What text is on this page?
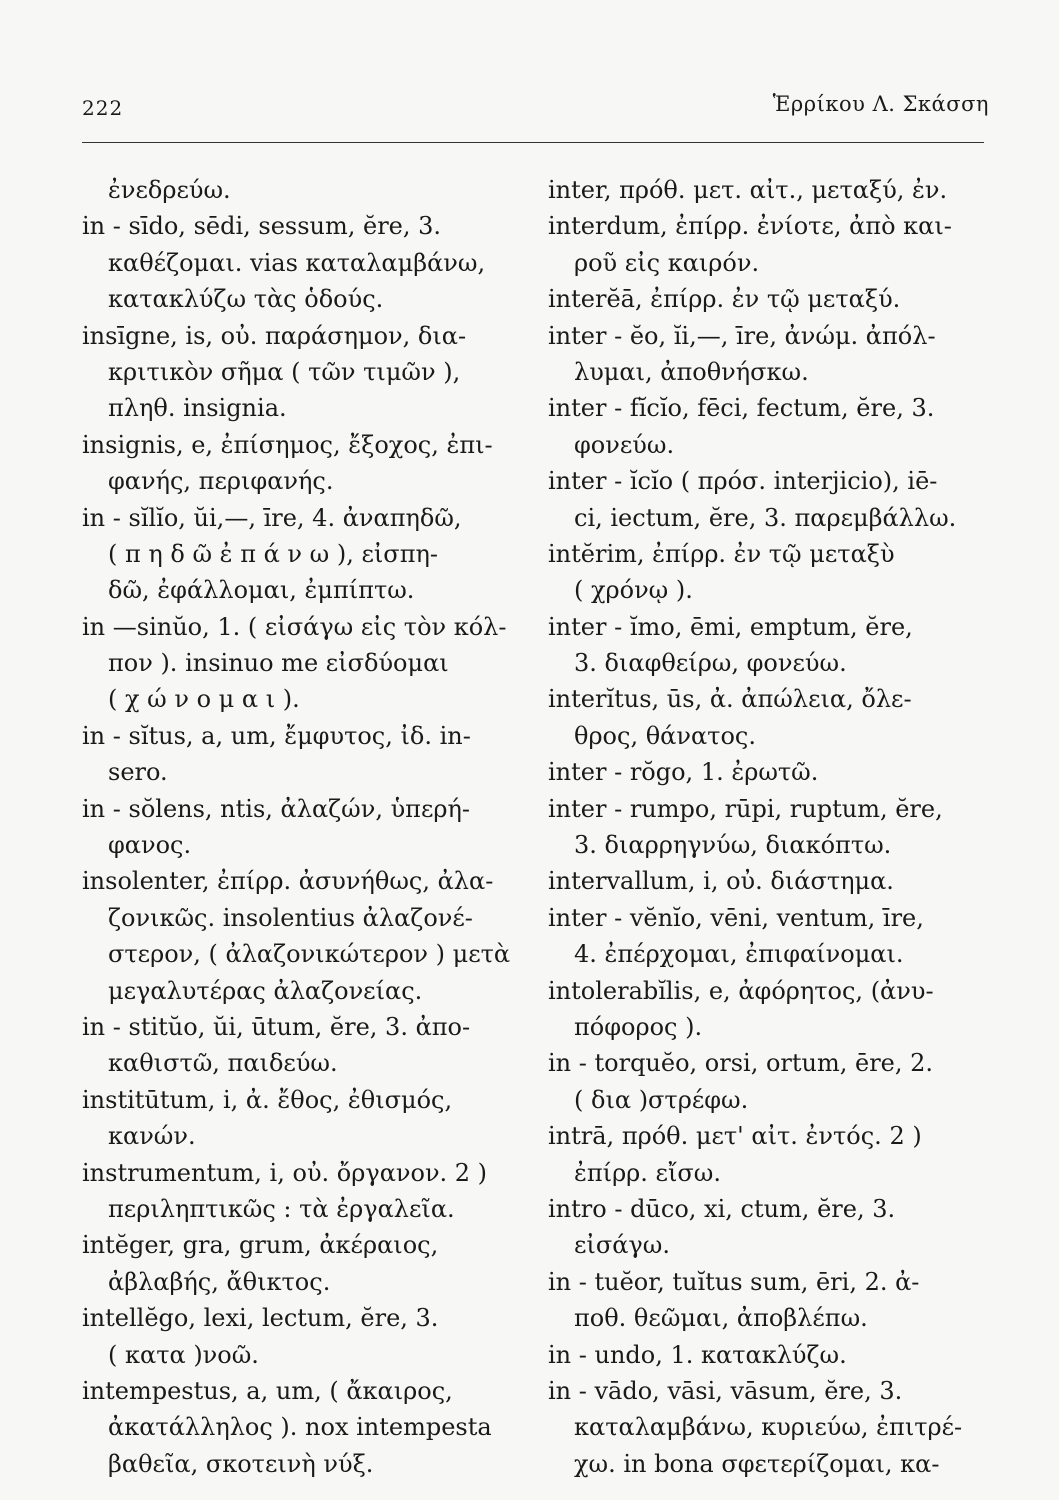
222	Ἑρρίκου Λ. Σκάσση
ἐνεδρεύω.
in - sīdo, sēdi, sessum, ĕre, 3.
καθέζομαι. vias καταλαμβάνω,
κατακλύζω τὰς ὁδούς.
insīgne, is, οὐ. παράσημον, δια-
κριτικὸν σῆμα ( τῶν τιμῶν ),
πληθ. insignia.
insignis, e, ἐπίσημος, ἔξοχος, ἐπι-
φανής, περιφανής.
in - sĭlĭo, ŭi,—, īre, 4. ἀναπηδῶ,
( π η δ ῶ ἐ π ά ν ω ), εἰσπη-
δῶ, ἐφάλλομαι, ἐμπίπτω.
in —sinŭo, 1. ( εἰσάγω εἰς τὸν κόλ-
πον ). insinuo me εἰσδύομαι
( χ ώ ν ο μ α ι ).
in - sĭtus, a, um, ἔμφυτος, ἰδ. in-
sero.
in - sŏlens, ntis, ἀλαζών, ὑπερή-
φανος.
insolenter, ἐπίρρ. ἀσυνήθως, ἀλα-
ζονικῶς. insolentius ἀλαζονέ-
στερον, ( ἀλαζονικώτερον ) μετὰ
μεγαλυτέρας ἀλαζονείας.
in - stitŭo, ŭi, ūtum, ĕre, 3. ἀπο-
καθιστῶ, παιδεύω.
institūtum, i, ἀ. ἔθος, ἐθισμός,
κανών.
instrumentum, i, οὐ. ὄργανον. 2 )
περιληπτικῶς : τὰ ἐργαλεῖα.
intĕger, gra, grum, ἀκέραιος,
ἀβλαβής, ἄθικτος.
intellĕgo, lexi, lectum, ĕre, 3.
( κατα )νοῶ.
intempestus, a, um, ( ἄκαιρος,
ἀκατάλληλος ). nox intempesta
βαθεῖα, σκοτεινὴ νύξ.
inter, πρόθ. μετ. αἰτ., μεταξύ, ἐν.
interdum, ἐπίρρ. ἐνίοτε, ἀπὸ και-
ροῦ εἰς καιρόν.
interĕā, ἐπίρρ. ἐν τῷ μεταξύ.
inter - ĕo, ĭi,—, īre, ἀνώμ. ἀπόλ-
λυμαι, ἀποθνήσκω.
inter - fĭcĭo, fēci, fectum, ĕre, 3.
φονεύω.
inter - ĭcĭo ( πρόσ. interjicio), iē-
ci, iectum, ĕre, 3. παρεμβάλλω.
intĕrim, ἐπίρρ. ἐν τῷ μεταξὺ
( χρόνῳ ).
inter - ĭmo, ēmi, emptum, ĕre,
3. διαφθείρω, φονεύω.
interĭtus, ūs, ἀ. ἀπώλεια, ὄλε-
θρος, θάνατος.
inter - rŏgo, 1. ἐρωτῶ.
inter - rumpo, rūpi, ruptum, ĕre,
3. διαρρηγνύω, διακόπτω.
intervallum, i, οὐ. διάστημα.
inter - vĕnĭo, vēni, ventum, īre,
4. ἐπέρχομαι, ἐπιφαίνομαι.
intolerabĭlis, e, ἀφόρητος, (ἀνυ-
πόφορος ).
in - torquĕo, orsi, ortum, ēre, 2.
( δια )στρέφω.
intrā, πρόθ. μετ' αἰτ. ἐντός. 2 )
ἐπίρρ. εἴσω.
intro - dūco, xi, ctum, ĕre, 3.
εἰσάγω.
in - tuĕor, tuĭtus sum, ēri, 2. ἀ-
ποθ. θεῶμαι, ἀποβλέπω.
in - undo, 1. κατακλύζω.
in - vādo, vāsi, vāsum, ĕre, 3.
καταλαμβάνω, κυριεύω, ἐπιτρέ-
χω. in bona σφετερίζομαι, κα-
